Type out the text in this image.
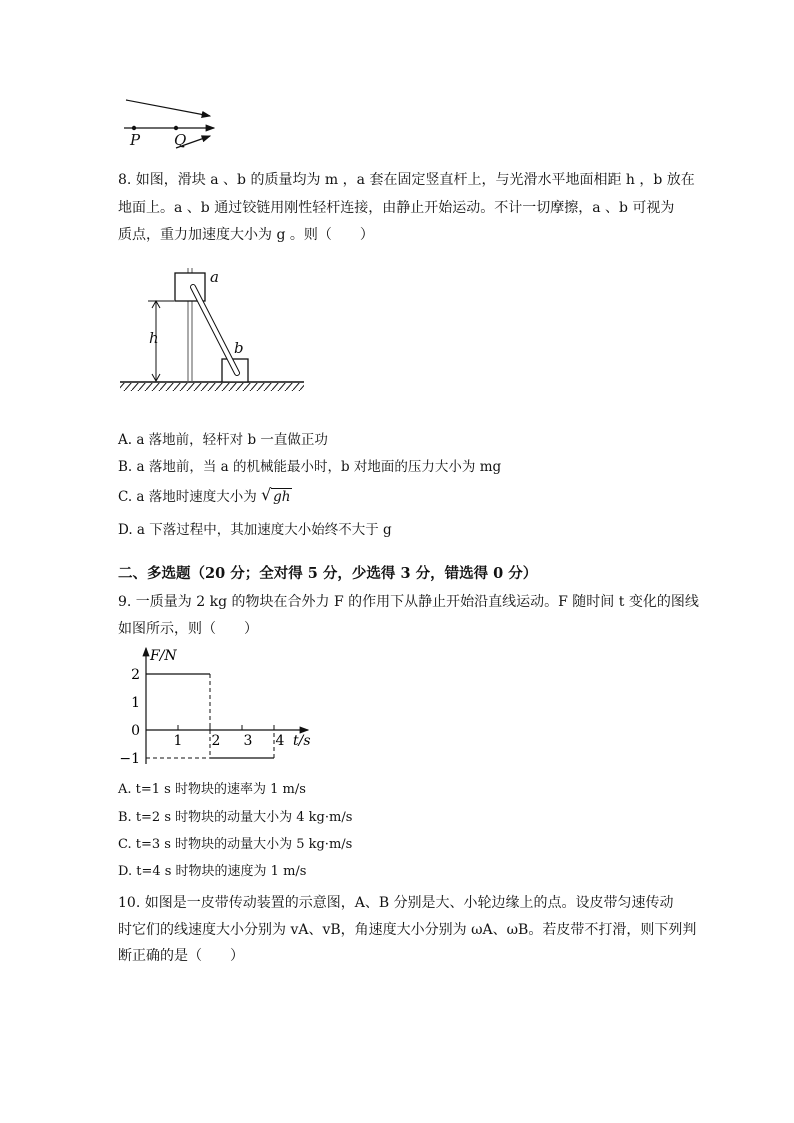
P Q
8. 如图，滑块 a 、b 的质量均为 m ，a 套在固定竖直杆上，与光滑水平地面相距 h ，b 放在
地面上。a 、b 通过铰链用刚性轻杆连接，由静止开始运动。不计一切摩擦，a 、b 可视为
质点，重力加速度大小为 g 。则（　　）
a
b
h
A. a 落地前，轻杆对 b 一直做正功
B. a 落地前，当 a 的机械能最小时，b 对地面的压力大小为 mg
C. a 落地时速度大小为 √ gh
D. a 下落过程中，其加速度大小始终不大于 g
二、多选题（20 分；全对得 5 分，少选得 3 分，错选得 0 分）
9. 一质量为 2 kg 的物块在合外力 F 的作用下从静止开始沿直线运动。F 随时间 t 变化的图线
如图所示，则（　　）
1 2 3 4
2
1
0
−1
F/N
t/s
A. t=1 s 时物块的速率为 1 m/s
B. t=2 s 时物块的动量大小为 4 kg·m/s
C. t=3 s 时物块的动量大小为 5 kg·m/s
D. t=4 s 时物块的速度为 1 m/s
10. 如图是一皮带传动装置的示意图，A、B 分别是大、小轮边缘上的点。设皮带匀速传动
时它们的线速度大小分别为 vA、vB，角速度大小分别为 ωA、ωB。若皮带不打滑，则下列判
断正确的是（　　）
